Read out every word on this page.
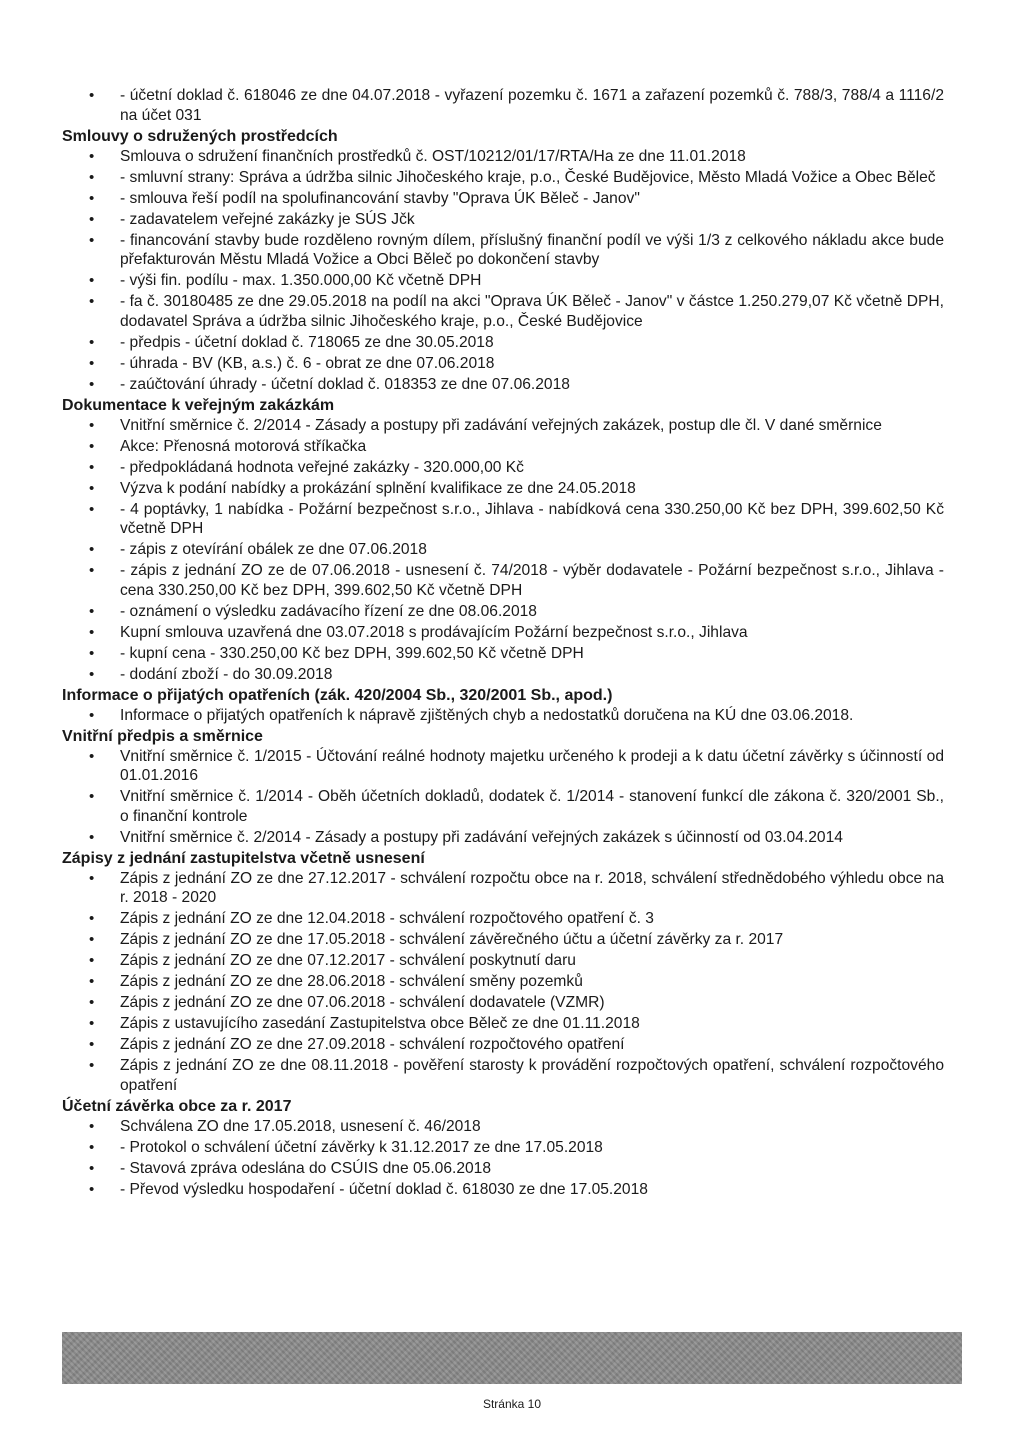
• - účetní doklad č. 618046 ze dne 04.07.2018 - vyřazení pozemku č. 1671 a zařazení pozemků č. 788/3, 788/4 a 1116/2 na účet 031
Smlouvy o sdružených prostředcích
• Smlouva o sdružení finančních prostředků č. OST/10212/01/17/RTA/Ha ze dne 11.01.2018
• - smluvní strany: Správa a údržba silnic Jihočeského kraje, p.o., České Budějovice, Město Mladá Vožice a Obec Běleč
• - smlouva řeší podíl na spolufinancování stavby "Oprava ÚK Běleč - Janov"
• - zadavatelem veřejné zakázky je SÚS Jčk
• - financování stavby bude rozděleno rovným dílem, příslušný finanční podíl ve výši 1/3 z celkového nákladu akce bude přefakturován Městu Mladá Vožice a Obci Běleč po dokončení stavby
• - výši fin. podílu - max. 1.350.000,00 Kč včetně DPH
• - fa č. 30180485 ze dne 29.05.2018 na podíl na akci "Oprava ÚK Běleč - Janov" v částce 1.250.279,07 Kč včetně DPH, dodavatel Správa a údržba silnic Jihočeského kraje, p.o., České Budějovice
• - předpis - účetní doklad č. 718065 ze dne 30.05.2018
• - úhrada - BV (KB, a.s.) č. 6 - obrat ze dne 07.06.2018
• - zaúčtování úhrady - účetní doklad č. 018353 ze dne 07.06.2018
Dokumentace k veřejným zakázkám
• Vnitřní směrnice č. 2/2014 - Zásady a postupy při zadávání veřejných zakázek, postup dle čl. V dané směrnice
• Akce: Přenosná motorová stříkačka
• - předpokládaná hodnota veřejné zakázky - 320.000,00 Kč
• Výzva k podání nabídky a prokázání splnění kvalifikace ze dne 24.05.2018
• - 4 poptávky, 1 nabídka - Požární bezpečnost s.r.o., Jihlava - nabídková cena 330.250,00 Kč bez DPH, 399.602,50 Kč včetně DPH
• - zápis z otevírání obálek ze dne 07.06.2018
• - zápis z jednání ZO ze de 07.06.2018 - usnesení č. 74/2018 - výběr dodavatele - Požární bezpečnost s.r.o., Jihlava - cena 330.250,00 Kč bez DPH, 399.602,50 Kč včetně DPH
• - oznámení o výsledku zadávacího řízení ze dne 08.06.2018
• Kupní smlouva uzavřená dne 03.07.2018 s prodávajícím Požární bezpečnost s.r.o., Jihlava
• - kupní cena - 330.250,00 Kč bez DPH, 399.602,50 Kč včetně DPH
• - dodání zboží - do 30.09.2018
Informace o přijatých opatřeních (zák. 420/2004 Sb., 320/2001 Sb., apod.)
• Informace o přijatých opatřeních k nápravě zjištěných chyb a nedostatků doručena na KÚ dne 03.06.2018.
Vnitřní předpis a směrnice
• Vnitřní směrnice č. 1/2015 - Účtování reálné hodnoty majetku určeného k prodeji a k datu účetní závěrky s účinností od 01.01.2016
• Vnitřní směrnice č. 1/2014 - Oběh účetních dokladů, dodatek č. 1/2014 - stanovení funkcí dle zákona č. 320/2001 Sb., o finanční kontrole
• Vnitřní směrnice č. 2/2014 - Zásady a postupy při zadávání veřejných zakázek s účinností od 03.04.2014
Zápisy z jednání zastupitelstva včetně usnesení
• Zápis z jednání ZO ze dne 27.12.2017 - schválení rozpočtu obce na r. 2018, schválení střednědobého výhledu obce na r. 2018 - 2020
• Zápis z jednání ZO ze dne 12.04.2018 - schválení rozpočtového opatření č. 3
• Zápis z jednání ZO ze dne 17.05.2018 - schválení závěrečného účtu a účetní závěrky za r. 2017
• Zápis z jednání ZO ze dne 07.12.2017 - schválení poskytnutí daru
• Zápis z jednání ZO ze dne 28.06.2018 - schválení směny pozemků
• Zápis z jednání ZO ze dne 07.06.2018 - schválení dodavatele (VZMR)
• Zápis z ustavujícího zasedání Zastupitelstva obce Běleč ze dne 01.11.2018
• Zápis z jednání ZO ze dne 27.09.2018 - schválení rozpočtového opatření
• Zápis z jednání ZO ze dne 08.11.2018 - pověření starosty k provádění rozpočtových opatření, schválení rozpočtového opatření
Účetní závěrka obce za r. 2017
• Schválena ZO dne 17.05.2018, usnesení č. 46/2018
• - Protokol o schválení účetní závěrky k 31.12.2017 ze dne 17.05.2018
• - Stavová zpráva odeslána do CSÚIS dne 05.06.2018
• - Převod výsledku hospodaření - účetní doklad č. 618030 ze dne 17.05.2018
Stránka 10
